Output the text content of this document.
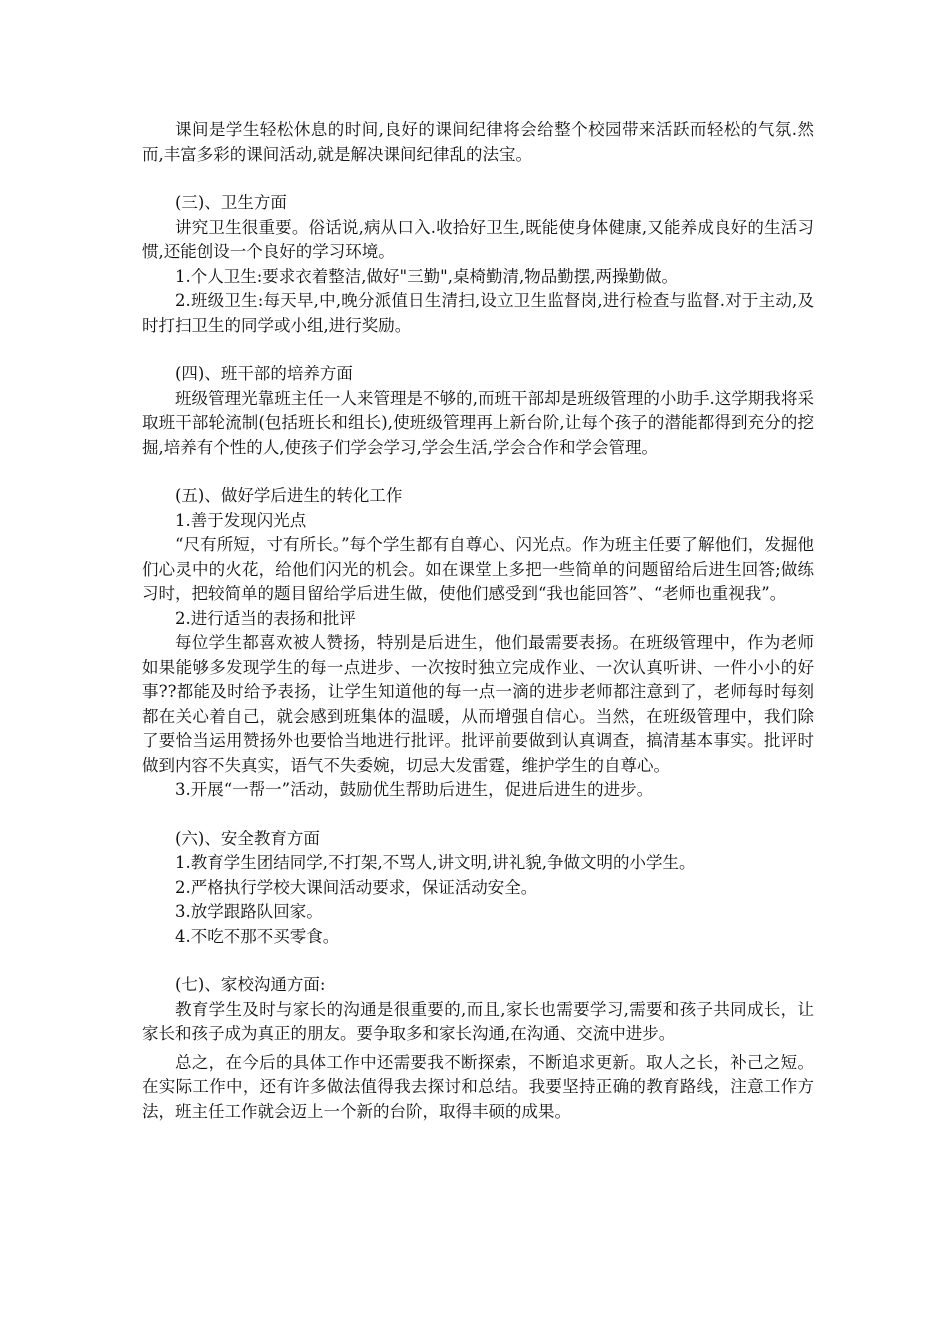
课间是学生轻松休息的时间,良好的课间纪律将会给整个校园带来活跃而轻松的气氛.然而,丰富多彩的课间活动,就是解决课间纪律乱的法宝。

(三)、卫生方面

讲究卫生很重要。俗话说,病从口入.收拾好卫生,既能使身体健康,又能养成良好的生活习惯,还能创设一个良好的学习环境。

1.个人卫生:要求衣着整洁,做好"三勤",桌椅勤清,物品勤摆,两操勤做。

2.班级卫生:每天早,中,晚分派值日生清扫,设立卫生监督岗,进行检查与监督.对于主动,及时打扫卫生的同学或小组,进行奖励。

(四)、班干部的培养方面

班级管理光靠班主任一人来管理是不够的,而班干部却是班级管理的小助手.这学期我将采取班干部轮流制(包括班长和组长),使班级管理再上新台阶,让每个孩子的潜能都得到充分的挖掘,培养有个性的人,使孩子们学会学习,学会生活,学会合作和学会管理。

(五)、做好学后进生的转化工作

1.善于发现闪光点

“尺有所短，寸有所长。”每个学生都有自尊心、闪光点。作为班主任要了解他们，发掘他们心灵中的火花，给他们闪光的机会。如在课堂上多把一些简单的问题留给后进生回答;做练习时，把较简单的题目留给学后进生做，使他们感受到“我也能回答”、“老师也重视我”。

2.进行适当的表扬和批评

每位学生都喜欢被人赞扬，特别是后进生，他们最需要表扬。在班级管理中，作为老师如果能够多发现学生的每一点进步、一次按时独立完成作业、一次认真听讲、一件小小的好事??都能及时给予表扬，让学生知道他的每一点一滴的进步老师都注意到了，老师每时每刻都在关心着自己，就会感到班集体的温暖，从而增强自信心。当然，在班级管理中，我们除了要恰当运用赞扬外也要恰当地进行批评。批评前要做到认真调查，搞清基本事实。批评时做到内容不失真实，语气不失委婉，切忌大发雷霆，维护学生的自尊心。

3.开展“一帮一”活动，鼓励优生帮助后进生，促进后进生的进步。

(六)、安全教育方面

1.教育学生团结同学,不打架,不骂人,讲文明,讲礼貌,争做文明的小学生。

2.严格执行学校大课间活动要求，保证活动安全。

3.放学跟路队回家。

4.不吃不那不买零食。

(七)、家校沟通方面:

教育学生及时与家长的沟通是很重要的,而且,家长也需要学习,需要和孩子共同成长，让家长和孩子成为真正的朋友。要争取多和家长沟通,在沟通、交流中进步。

总之，在今后的具体工作中还需要我不断探索，不断追求更新。取人之长，补己之短。在实际工作中，还有许多做法值得我去探讨和总结。我要坚持正确的教育路线，注意工作方法，班主任工作就会迈上一个新的台阶，取得丰硕的成果。
